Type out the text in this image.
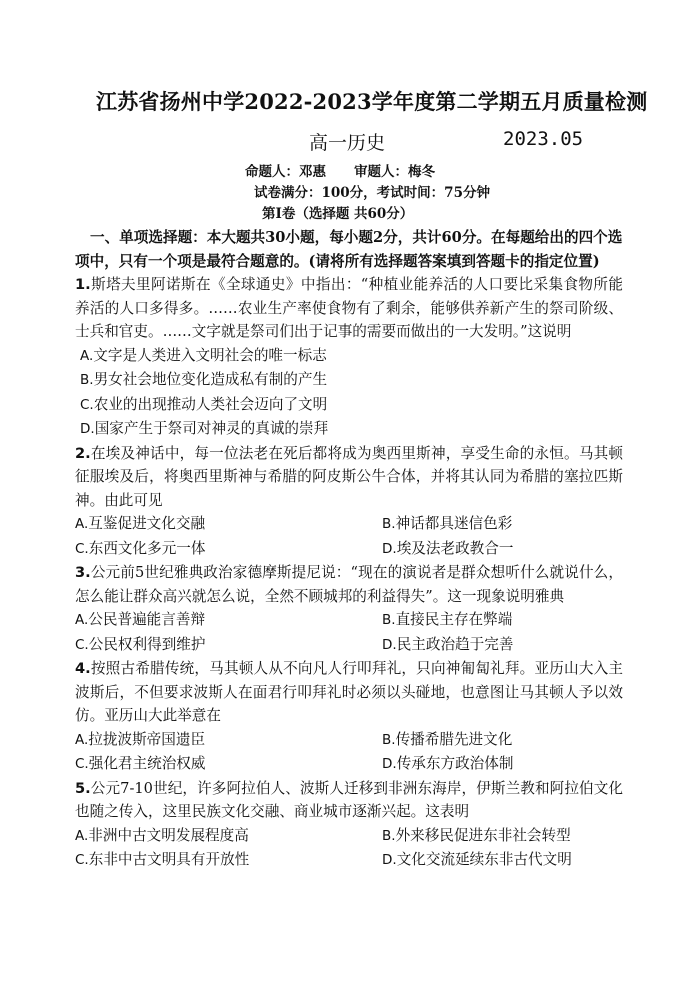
江苏省扬州中学2022-2023学年度第二学期五月质量检测
高一历史	2023.05
命题人：邓惠 审题人：梅冬
试卷满分：100分，考试时间：75分钟
第Ⅰ卷（选择题 共60分）

一、单项选择题：本大题共30小题，每小题2分，共计60分。在每题给出的四个选项中，只有一个项是最符合题意的。(请将所有选择题答案填到答题卡的指定位置)

1.斯塔夫里阿诺斯在《全球通史》中指出：“种植业能养活的人口要比采集食物所能养活的人口多得多。……农业生产率使食物有了剩余，能够供养新产生的祭司阶级、士兵和官吏。……文字就是祭司们出于记事的需要而做出的一大发明。”这说明

A.文字是人类进入文明社会的唯一标志

B.男女社会地位变化造成私有制的产生

C.农业的出现推动人类社会迈向了文明

D.国家产生于祭司对神灵的真诚的崇拜

2.在埃及神话中，每一位法老在死后都将成为奥西里斯神，享受生命的永恒。马其顿征服埃及后，将奥西里斯神与希腊的阿皮斯公牛合体，并将其认同为希腊的塞拉匹斯神。由此可见

A.互鉴促进文化交融	B.神话都具迷信色彩
C.东西文化多元一体	D.埃及法老政教合一

3.公元前5世纪雅典政治家德摩斯提尼说：“现在的演说者是群众想听什么就说什么，怎么能让群众高兴就怎么说，全然不顾城邦的利益得失”。这一现象说明雅典

A.公民普遍能言善辩	B.直接民主存在弊端
C.公民权利得到维护	D.民主政治趋于完善

4.按照古希腊传统，马其顿人从不向凡人行叩拜礼，只向神匍匐礼拜。亚历山大入主波斯后，不但要求波斯人在面君行叩拜礼时必须以头碰地，也意图让马其顿人予以效仿。亚历山大此举意在

A.拉拢波斯帝国遗臣	B.传播希腊先进文化
C.强化君主统治权威	D.传承东方政治体制

5.公元7-10世纪，许多阿拉伯人、波斯人迁移到非洲东海岸，伊斯兰教和阿拉伯文化也随之传入，这里民族文化交融、商业城市逐渐兴起。这表明

A.非洲中古文明发展程度高	B.外来移民促进东非社会转型
C.东非中古文明具有开放性	D.文化交流延续东非古代文明
